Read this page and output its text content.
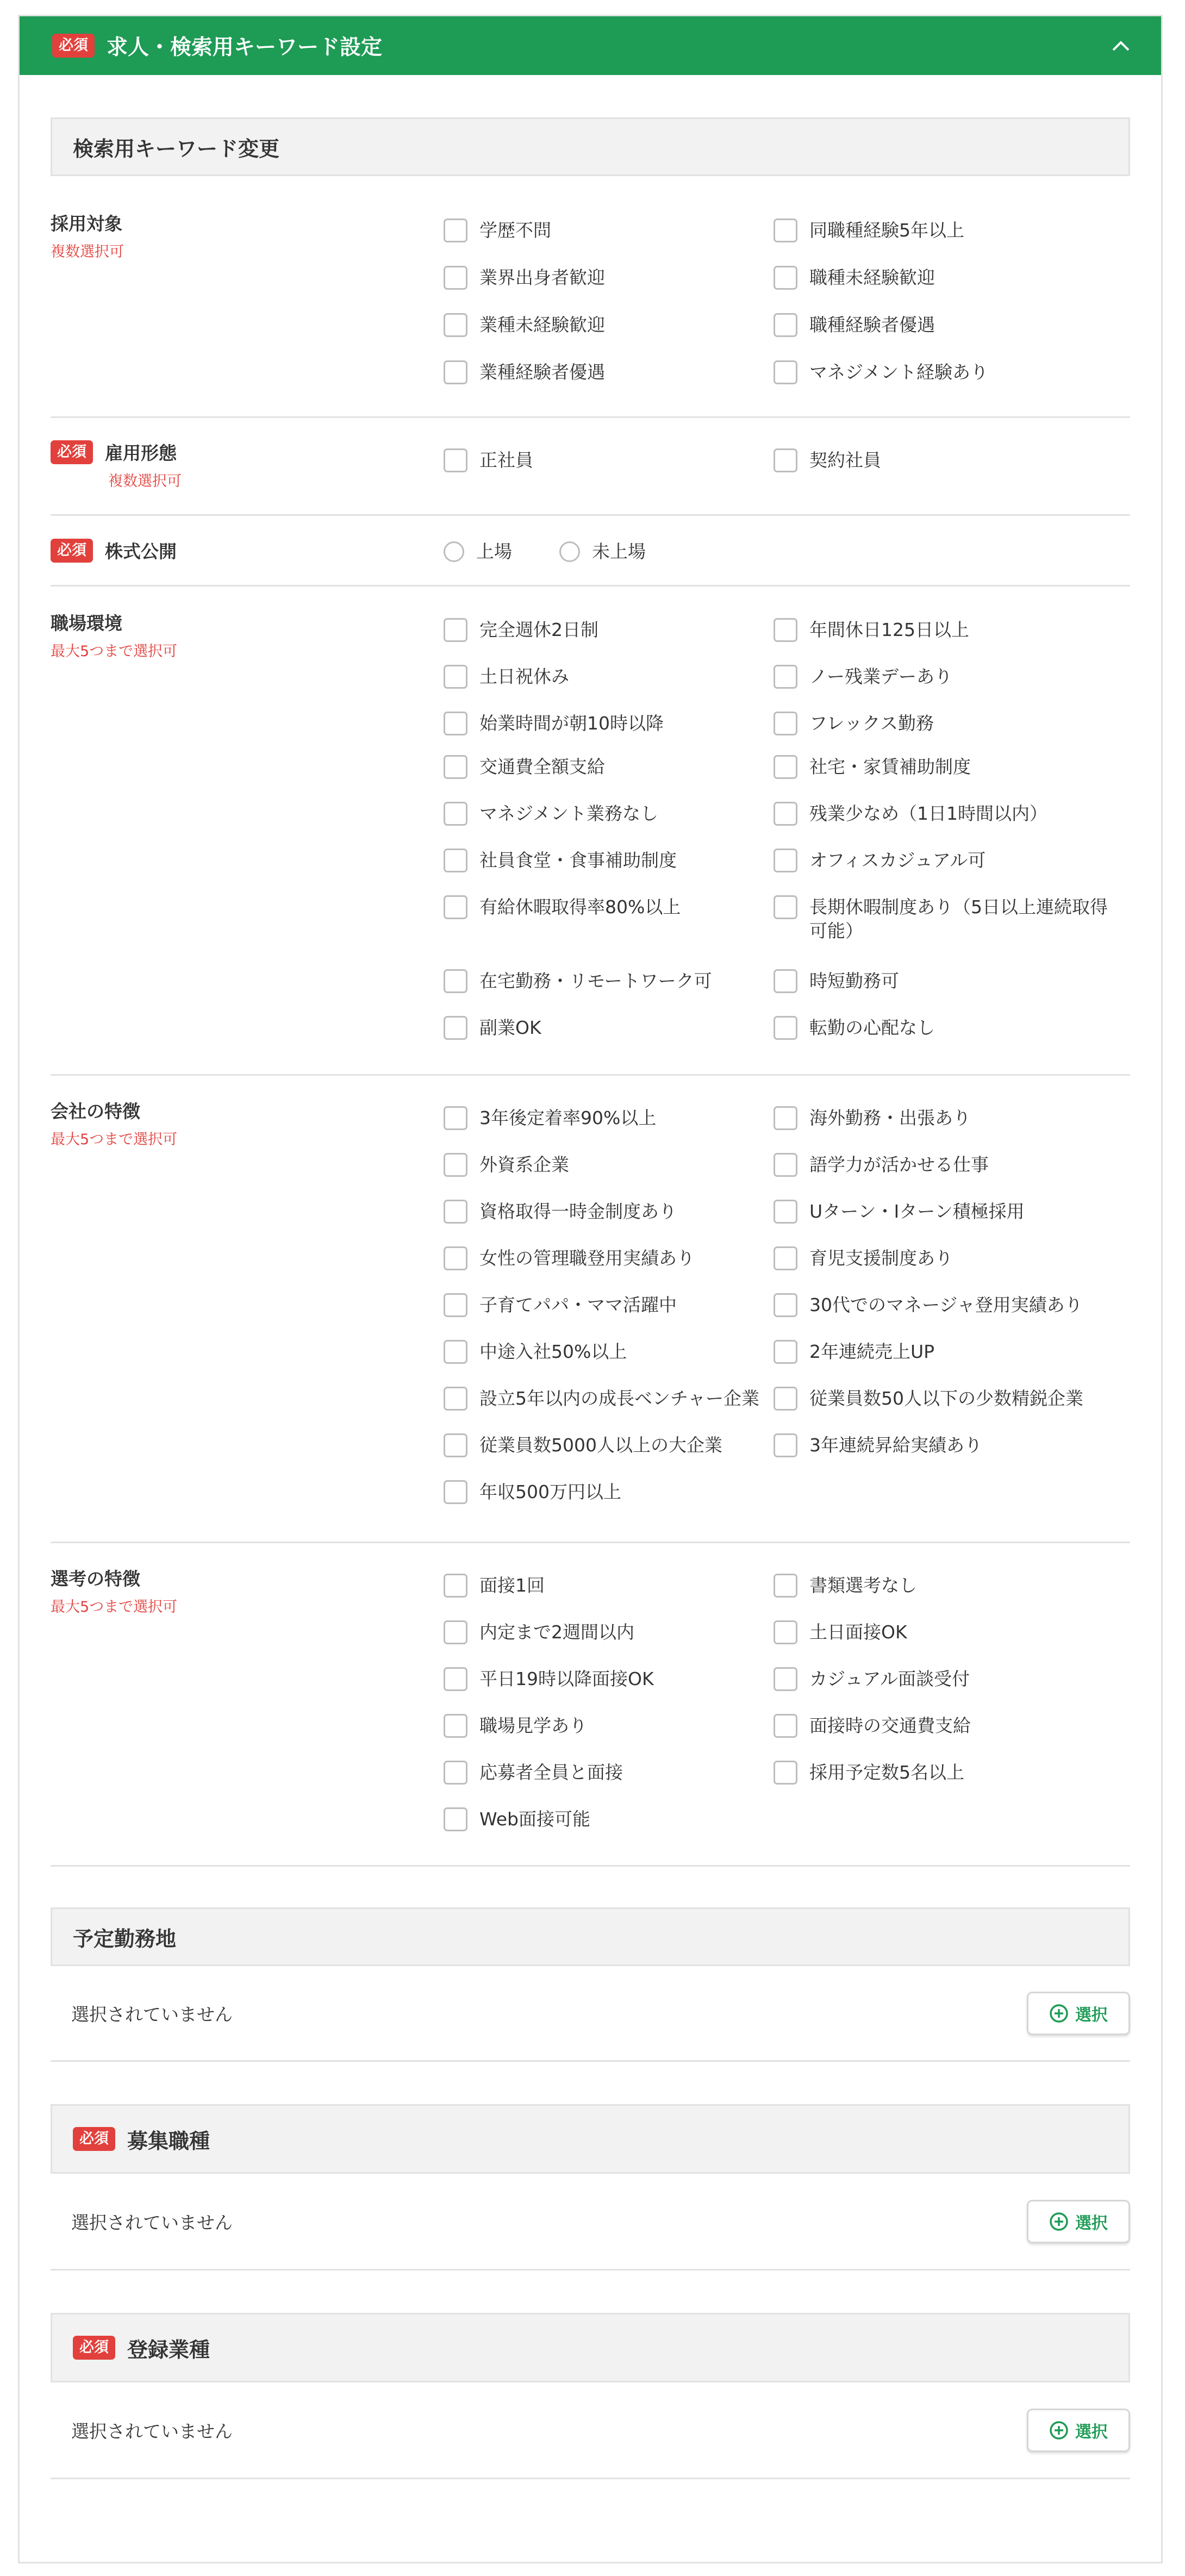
必須 求人・検索用キーワード設定
検索用キーワード変更
採用対象
複数選択可
学歴不問	同職種経験5年以上
業界出身者歓迎	職種未経験歓迎
業種未経験歓迎	職種経験者優遇
業種経験者優遇	マネジメント経験あり
必須	雇用形態
複数選択可
正社員	契約社員
必須	株式公開	上場	未上場
職場環境
最大5つまで選択可
完全週休2日制	年間休日125日以上
土日祝休み	ノー残業デーあり
始業時間が朝10時以降	フレックス勤務
交通費全額支給	社宅・家賃補助制度
マネジメント業務なし	残業少なめ（1日1時間以内）
社員食堂・食事補助制度	オフィスカジュアル可
有給休暇取得率80%以上	長期休暇制度あり（5日以上連続取得可能）
在宅勤務・リモートワーク可	時短勤務可
副業OK	転勤の心配なし
会社の特徴
最大5つまで選択可
3年後定着率90%以上	海外勤務・出張あり
外資系企業	語学力が活かせる仕事
資格取得一時金制度あり	Uターン・Iターン積極採用
女性の管理職登用実績あり	育児支援制度あり
子育てパパ・ママ活躍中	30代でのマネージャ登用実績あり
中途入社50%以上	2年連続売上UP
設立5年以内の成長ベンチャー企業	従業員数50人以下の少数精鋭企業
従業員数5000人以上の大企業	3年連続昇給実績あり
年収500万円以上
選考の特徴
最大5つまで選択可
面接1回	書類選考なし
内定まで2週間以内	土日面接OK
平日19時以降面接OK	カジュアル面談受付
職場見学あり	面接時の交通費支給
応募者全員と面接	採用予定数5名以上
Web面接可能
予定勤務地
選択されていません	選択
必須 募集職種
選択されていません	選択
必須 登録業種
選択されていません	選択
